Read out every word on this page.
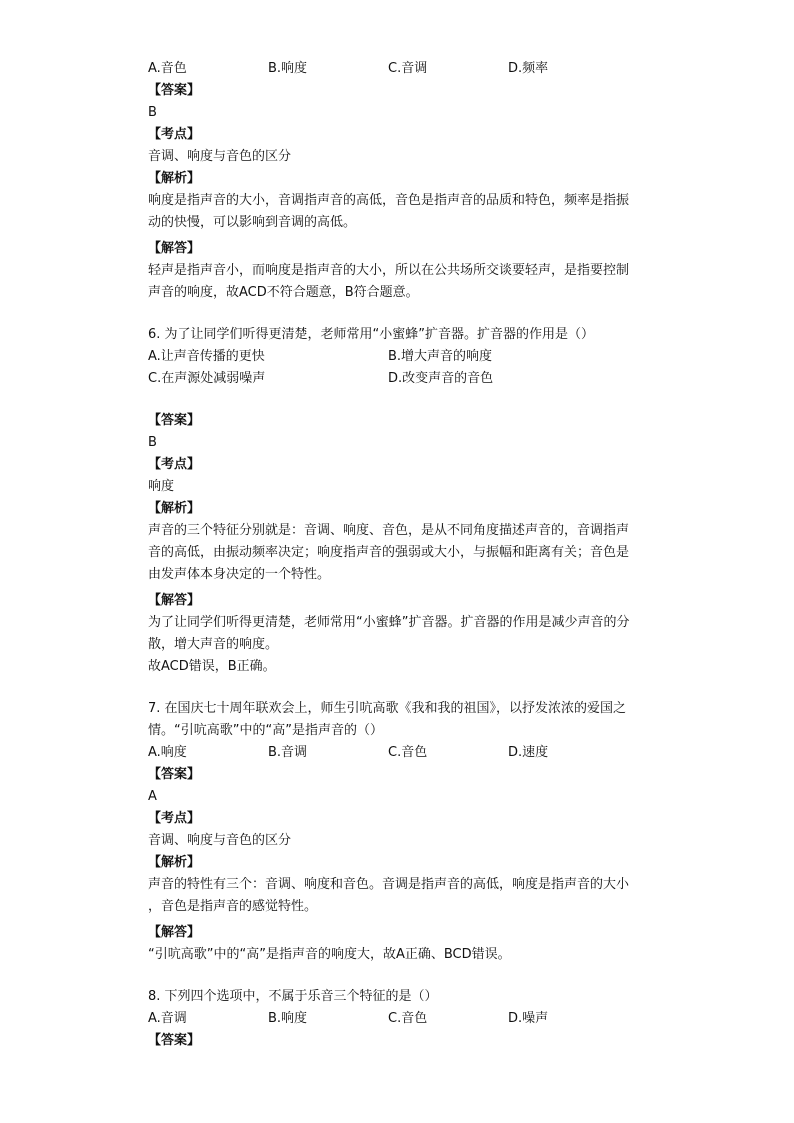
A.音色	B.响度	C.音调	D.频率
【答案】
B
【考点】
音调、响度与音色的区分
【解析】
响度是指声音的大小，音调指声音的高低，音色是指声音的品质和特色，频率是指振
动的快慢，可以影响到音调的高低。
【解答】
轻声是指声音小，而响度是指声音的大小，所以在公共场所交谈要轻声，是指要控制
声音的响度，故ACD不符合题意，B符合题意。
6. 为了让同学们听得更清楚，老师常用“小蜜蜂”扩音器。扩音器的作用是（）
A.让声音传播的更快	B.增大声音的响度
C.在声源处减弱噪声	D.改变声音的音色
【答案】
B
【考点】
响度
【解析】
声音的三个特征分别就是：音调、响度、音色，是从不同角度描述声音的，音调指声
音的高低，由振动频率决定；响度指声音的强弱或大小，与振幅和距离有关；音色是
由发声体本身决定的一个特性。
【解答】
为了让同学们听得更清楚，老师常用“小蜜蜂”扩音器。扩音器的作用是减少声音的分
散，增大声音的响度。
故ACD错误，B正确。
7. 在国庆七十周年联欢会上，师生引吭高歌《我和我的祖国》，以抒发浓浓的爱国之
情。“引吭高歌”中的“高”是指声音的（）
A.响度	B.音调	C.音色	D.速度
【答案】
A
【考点】
音调、响度与音色的区分
【解析】
声音的特性有三个：音调、响度和音色。音调是指声音的高低，响度是指声音的大小
，音色是指声音的感觉特性。
【解答】
“引吭高歌”中的“高”是指声音的响度大，故A正确、BCD错误。
8. 下列四个选项中，不属于乐音三个特征的是（）
A.音调	B.响度	C.音色	D.噪声
【答案】
